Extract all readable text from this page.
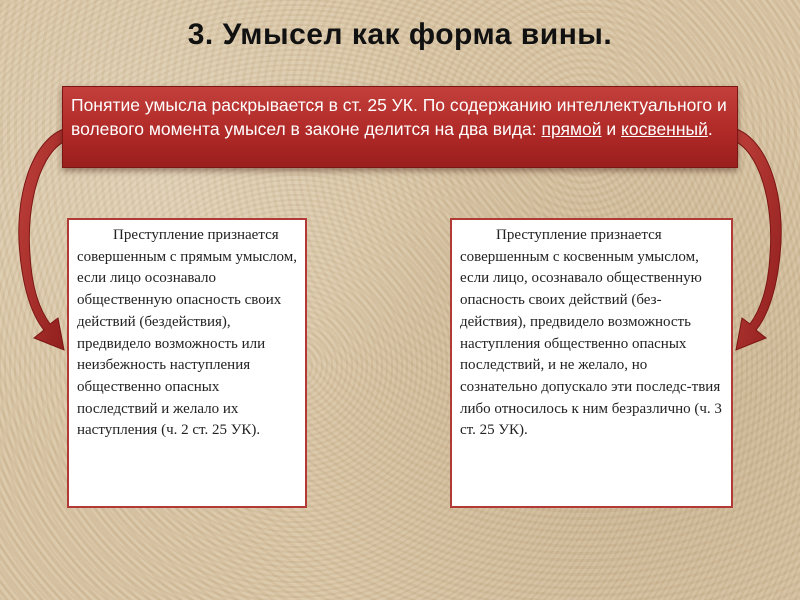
3. Умысел как форма вины.
Понятие умысла раскрывается в ст. 25 УК. По содержанию интеллектуального и волевого момента умысел в законе делится на два вида: прямой и косвенный.

Преступление признается совершенным с прямым умыслом, если лицо осознавало общественную опасность своих действий (бездействия), предвидело возможность или неизбежность наступления общественно опасных последствий и желало их наступления (ч. 2 ст. 25 УК).

Преступление признается совершенным с косвенным умыслом, если лицо, осознавало общественную опасность своих действий (без-действия), предвидело возможность наступления общественно опасных последствий, и не желало, но сознательно допускало эти последс-твия либо относилось к ним безразлично (ч. 3 ст. 25 УК).
